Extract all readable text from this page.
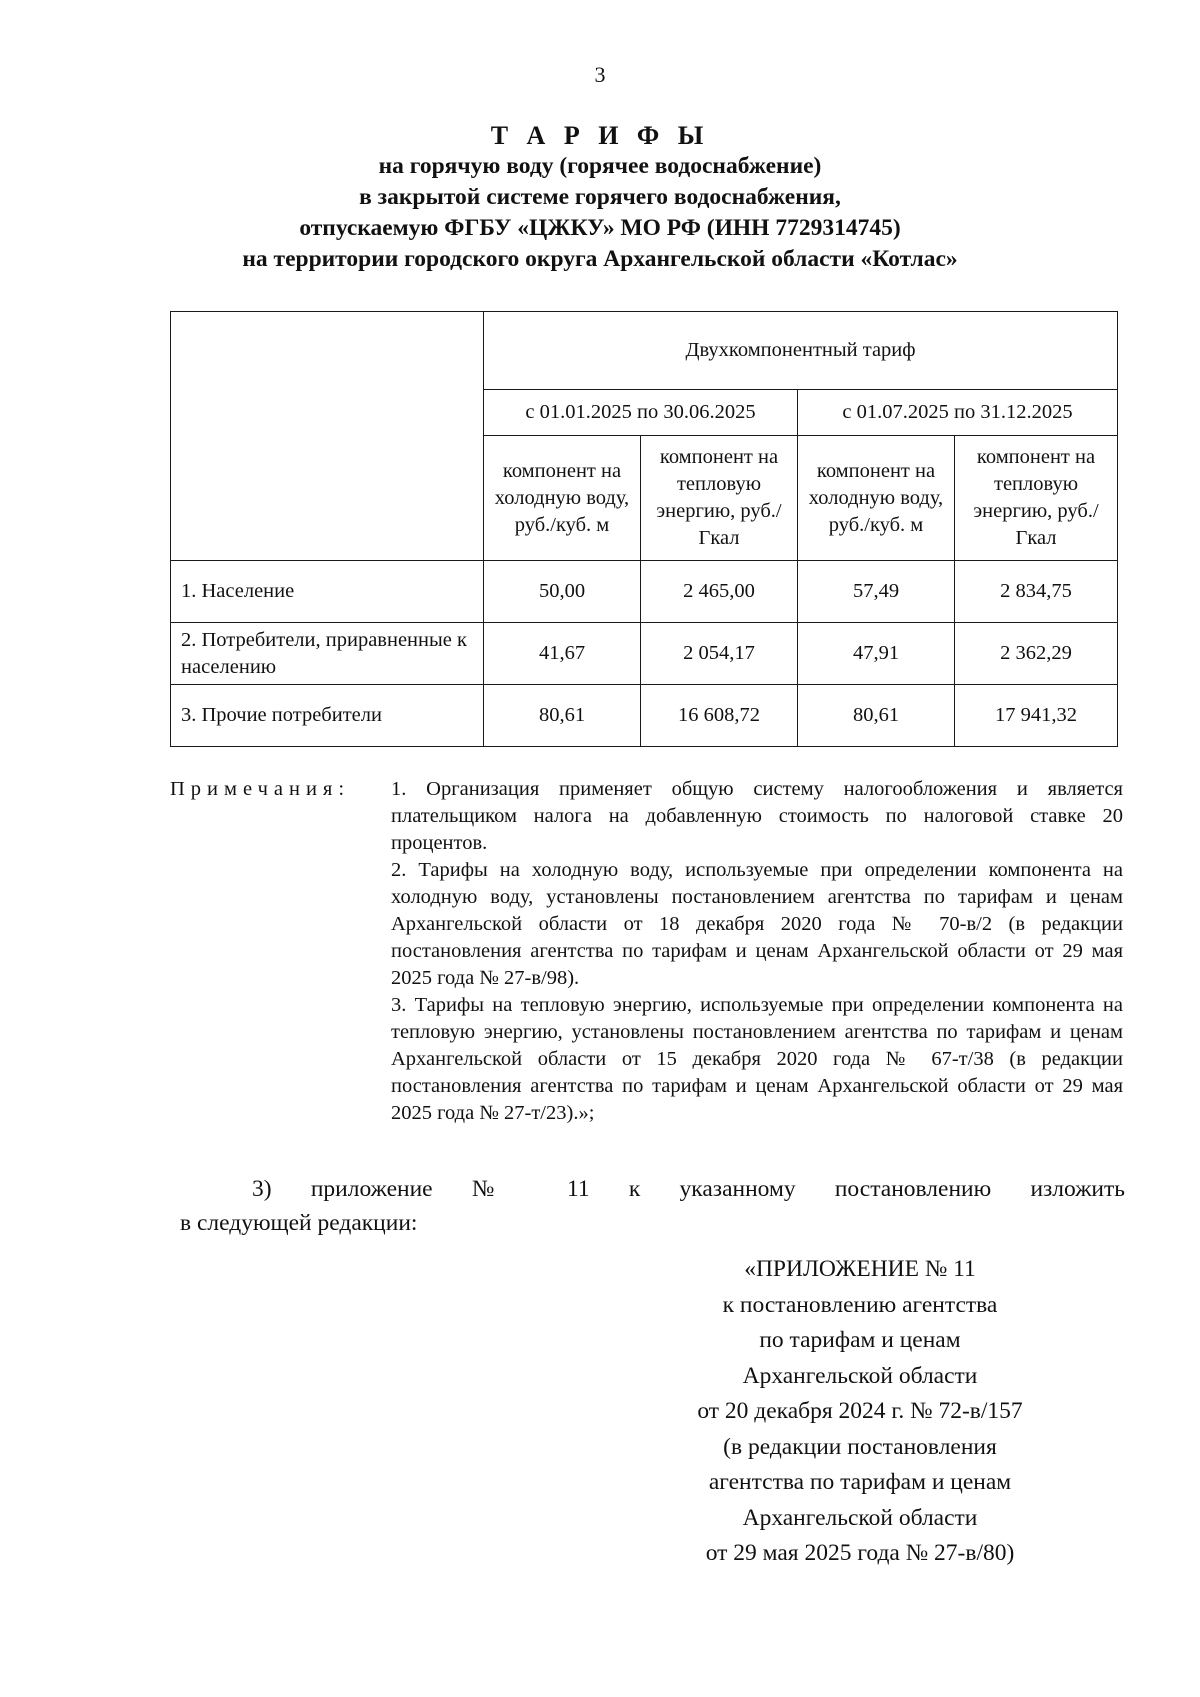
3
Т А Р И Ф Ы
на горячую воду (горячее водоснабжение)
в закрытой системе горячего водоснабжения,
отпускаемую ФГБУ «ЦЖКУ» МО РФ (ИНН 7729314745)
на территории городского округа Архангельской области «Котлас»
	Двухкомпонентный тариф			
	с 01.01.2025 по 30.06.2025		с 01.07.2025 по 31.12.2025	
	компонент на холодную воду, руб./куб. м	компонент на тепловую энергию, руб./Гкал	компонент на холодную воду, руб./куб. м	компонент на тепловую энергию, руб./Гкал
1. Население	50,00	2 465,00	57,49	2 834,75
2. Потребители, приравненные к населению	41,67	2 054,17	47,91	2 362,29
3. Прочие потребители	80,61	16 608,72	80,61	17 941,32
Примечания: 1. Организация применяет общую систему налогообложения и является плательщиком налога на добавленную стоимость по налоговой ставке 20 процентов.

2. Тарифы на холодную воду, используемые при определении компонента на холодную воду, установлены постановлением агентства по тарифам и ценам Архангельской области от 18 декабря 2020 года № 70-в/2 (в редакции постановления агентства по тарифам и ценам Архангельской области от 29 мая 2025 года № 27-в/98).

3. Тарифы на тепловую энергию, используемые при определении компонента на тепловую энергию, установлены постановлением агентства по тарифам и ценам Архангельской области от 15 декабря 2020 года № 67-т/38 (в редакции постановления агентства по тарифам и ценам Архангельской области от 29 мая 2025 года № 27-т/23).»;

3) приложение № 11 к указанному постановлению изложить
в следующей редакции:
«ПРИЛОЖЕНИЕ № 11
к постановлению агентства
по тарифам и ценам
Архангельской области
от 20 декабря 2024 г. № 72-в/157
(в редакции постановления
агентства по тарифам и ценам
Архангельской области
от 29 мая 2025 года № 27-в/80)
